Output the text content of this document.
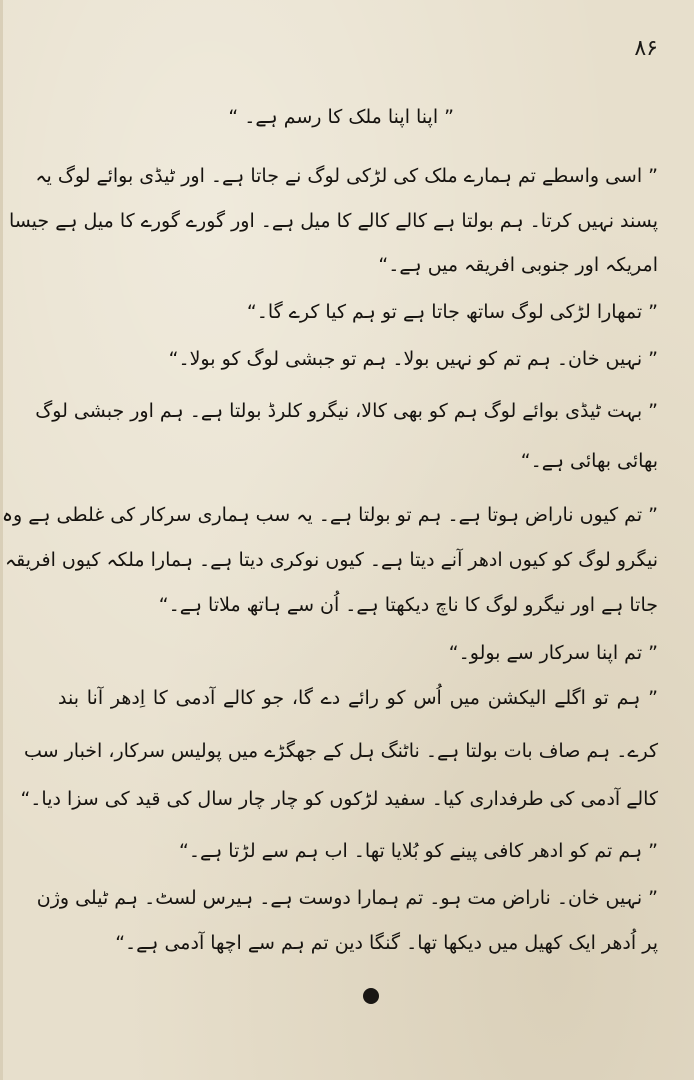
۸۶
” اپنا اپنا ملک کا رسم ہے۔ “
” اسی واسطے تم ہمارے ملک کی لڑکی لوگ نے جاتا ہے۔ اور ٹیڈی بوائے لوگ یہ
پسند نہیں کرتا۔ ہم بولتا ہے کالے کالے کا میل ہے۔ اور گورے گورے کا میل ہے جیسا
امریکہ اور جنوبی افریقہ میں ہے۔“
” تمھارا لڑکی لوگ ساتھ جاتا ہے تو ہم کیا کرے گا۔“
” نہیں خان۔ ہم تم کو نہیں بولا۔ ہم تو جبشی لوگ کو بولا۔“
” بہت ٹیڈی بوائے لوگ ہم کو بھی کالا، نیگرو کلرڈ بولتا ہے۔ ہم اور جبشی لوگ
بھائی بھائی ہے۔“
” تم کیوں ناراض ہوتا ہے۔ ہم تو بولتا ہے۔ یہ سب ہماری سرکار کی غلطی ہے وہ
نیگرو لوگ کو کیوں ادھر آنے دیتا ہے۔ کیوں نوکری دیتا ہے۔ ہمارا ملکہ کیوں افریقہ
جاتا ہے اور نیگرو لوگ کا ناچ دیکھتا ہے۔ اُن سے ہاتھ ملاتا ہے۔“
” تم اپنا سرکار سے بولو۔“
” ہم تو اگلے الیکشن میں اُس کو رائے دے گا، جو کالے آدمی کا اِدھر آنا بند
کرے۔ ہم صاف بات بولتا ہے۔ ناٹنگ ہل کے جھگڑے میں پولیس سرکار، اخبار سب
کالے آدمی کی طرفداری کیا۔ سفید لڑکوں کو چار چار سال کی قید کی سزا دیا۔“
” ہم تم کو ادھر کافی پینے کو بُلایا تھا۔ اب ہم سے لڑتا ہے۔“
” نہیں خان۔ ناراض مت ہو۔ تم ہمارا دوست ہے۔ ہیرس لسٹ۔ ہم ٹیلی وژن
پر اُدھر ایک کھیل میں دیکھا تھا۔ گنگا دین تم ہم سے اچھا آدمی ہے۔“
